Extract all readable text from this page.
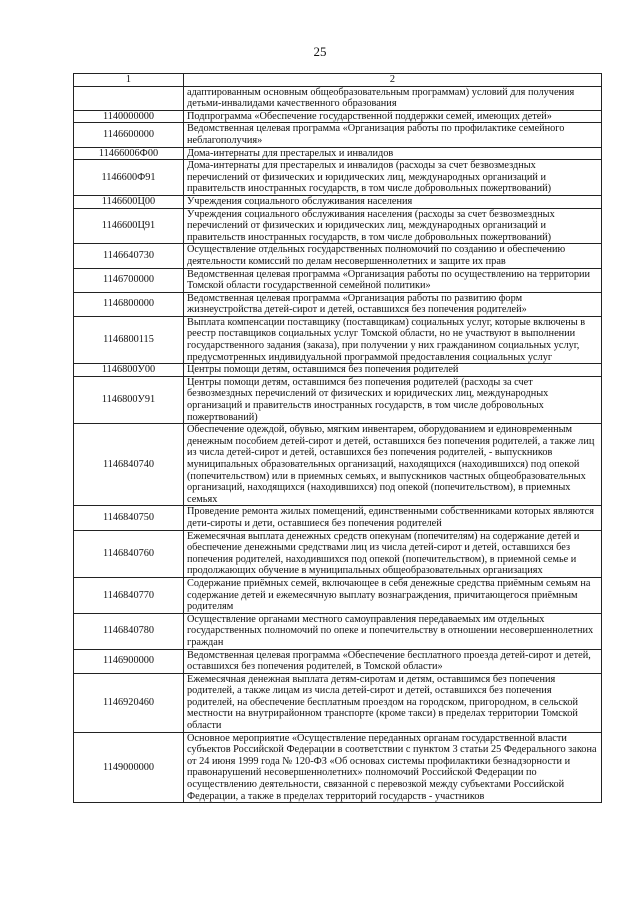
25
1	2
	адаптированным основным общеобразовательным программам) условий для получения детьми-инвалидами качественного образования
1140000000	Подпрограмма «Обеспечение государственной поддержки семей, имеющих детей»
1146600000	Ведомственная целевая программа «Организация работы по профилактике семейного неблагополучия»
11466006Ф00	Дома-интернаты для престарелых и инвалидов
1146600Ф91	Дома-интернаты для престарелых и инвалидов (расходы за счет безвозмездных перечислений от физических и юридических лиц, международных организаций и правительств иностранных государств, в том числе добровольных пожертвований)
1146600Ц00	Учреждения социального обслуживания населения
1146600Ц91	Учреждения социального обслуживания населения (расходы за счет безвозмездных перечислений от физических и юридических лиц, международных организаций и правительств иностранных государств, в том числе добровольных пожертвований)
1146640730	Осуществление отдельных государственных полномочий по созданию и обеспечению деятельности комиссий по делам несовершеннолетних и защите их прав
1146700000	Ведомственная целевая программа «Организация работы по осуществлению на территории Томской области государственной семейной политики»
1146800000	Ведомственная целевая программа «Организация работы по развитию форм жизнеустройства детей-сирот и детей, оставшихся без попечения родителей»
1146800115	Выплата компенсации поставщику (поставщикам) социальных услуг, которые включены в реестр поставщиков социальных услуг Томской области, но не участвуют в выполнении государственного задания (заказа), при получении у них гражданином социальных услуг, предусмотренных индивидуальной программой предоставления социальных услуг
1146800У00	Центры помощи детям, оставшимся без попечения родителей
1146800У91	Центры помощи детям, оставшимся без попечения родителей (расходы за счет безвозмездных перечислений от физических и юридических лиц, международных организаций и правительств иностранных государств, в том числе добровольных пожертвований)
1146840740	Обеспечение одеждой, обувью, мягким инвентарем, оборудованием и единовременным денежным пособием детей-сирот и детей, оставшихся без попечения родителей, а также лиц из числа детей-сирот и детей, оставшихся без попечения родителей, - выпускников муниципальных образовательных организаций, находящихся (находившихся) под опекой (попечительством) или в приемных семьях, и выпускников частных общеобразовательных организаций, находящихся (находившихся) под опекой (попечительством), в приемных семьях
1146840750	Проведение ремонта жилых помещений, единственными собственниками которых являются дети-сироты и дети, оставшиеся без попечения родителей
1146840760	Ежемесячная выплата денежных средств опекунам (попечителям) на содержание детей и обеспечение денежными средствами лиц из числа детей-сирот и детей, оставшихся без попечения родителей, находившихся под опекой (попечительством), в приемной семье и продолжающих обучение в муниципальных общеобразовательных организациях
1146840770	Содержание приёмных семей, включающее в себя денежные средства приёмным семьям на содержание детей и ежемесячную выплату вознаграждения, причитающегося приёмным родителям
1146840780	Осуществление органами местного самоуправления передаваемых им отдельных государственных полномочий по опеке и попечительству в отношении несовершеннолетних граждан
1146900000	Ведомственная целевая программа «Обеспечение бесплатного проезда детей-сирот и детей, оставшихся без попечения родителей, в Томской области»
1146920460	Ежемесячная денежная выплата детям-сиротам и детям, оставшимся без попечения родителей, а также лицам из числа детей-сирот и детей, оставшихся без попечения родителей, на обеспечение бесплатным проездом на городском, пригородном, в сельской местности на внутрирайонном транспорте (кроме такси) в пределах территории Томской области
1149000000	Основное мероприятие «Осуществление переданных органам государственной власти субъектов Российской Федерации в соответствии с пунктом 3 статьи 25 Федерального закона от 24 июня 1999 года № 120-ФЗ «Об основах системы профилактики безнадзорности и правонарушений несовершеннолетних» полномочий Российской Федерации по осуществлению деятельности, связанной с перевозкой между субъектами Российской Федерации, а также в пределах территорий государств - участников
